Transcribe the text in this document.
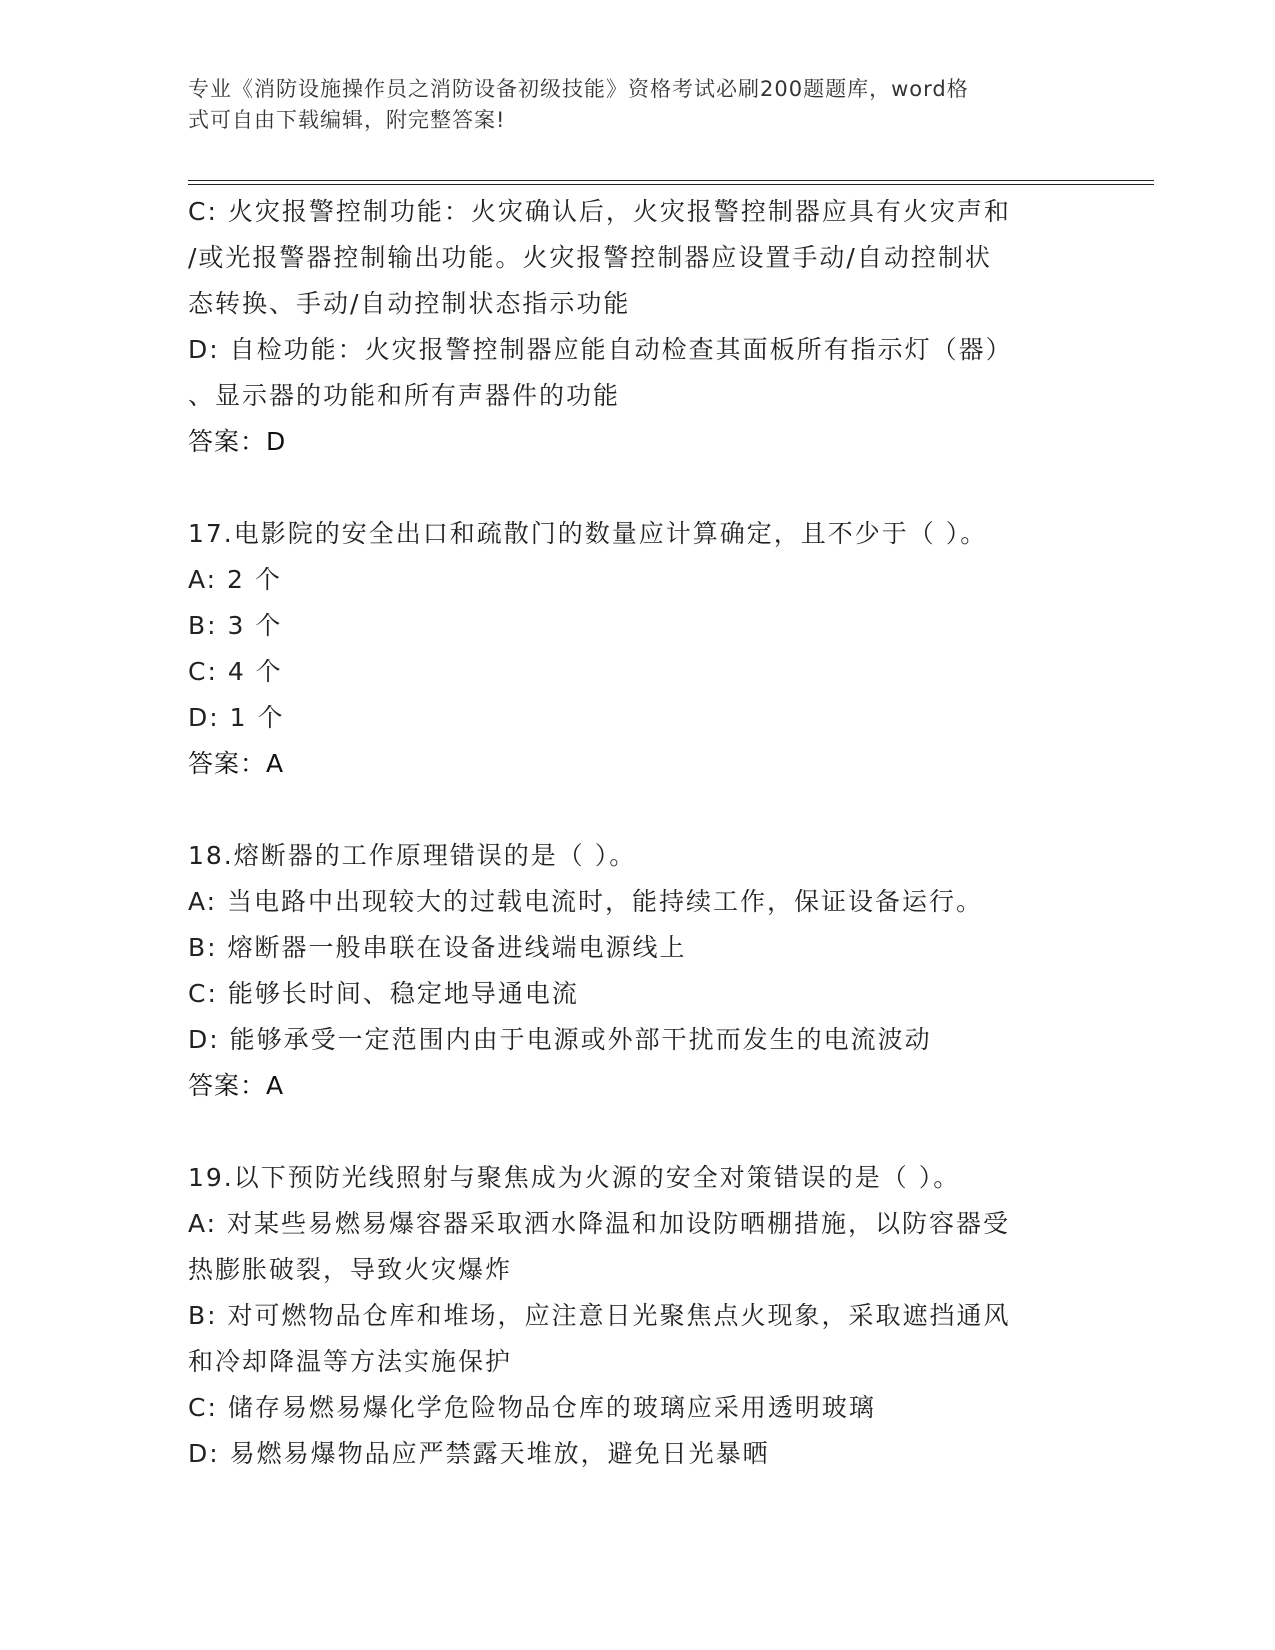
专业《消防设施操作员之消防设备初级技能》资格考试必刷200题题库，word格
式可自由下载编辑，附完整答案!
C: 火灾报警控制功能：火灾确认后，火灾报警控制器应具有火灾声和
/或光报警器控制输出功能。火灾报警控制器应设置手动/自动控制状
态转换、手动/自动控制状态指示功能
D: 自检功能：火灾报警控制器应能自动检查其面板所有指示灯（器）
、显示器的功能和所有声器件的功能
答案：D
17.电影院的安全出口和疏散门的数量应计算确定，且不少于（ ）。
A: 2 个
B: 3 个
C: 4 个
D: 1 个
答案：A
18.熔断器的工作原理错误的是（ ）。
A: 当电路中出现较大的过载电流时，能持续工作，保证设备运行。
B: 熔断器一般串联在设备进线端电源线上
C: 能够长时间、稳定地导通电流
D: 能够承受一定范围内由于电源或外部干扰而发生的电流波动
答案：A
19.以下预防光线照射与聚焦成为火源的安全对策错误的是（ ）。
A: 对某些易燃易爆容器采取洒水降温和加设防晒棚措施，以防容器受
热膨胀破裂，导致火灾爆炸
B: 对可燃物品仓库和堆场，应注意日光聚焦点火现象，采取遮挡通风
和冷却降温等方法实施保护
C: 储存易燃易爆化学危险物品仓库的玻璃应采用透明玻璃
D: 易燃易爆物品应严禁露天堆放，避免日光暴晒
